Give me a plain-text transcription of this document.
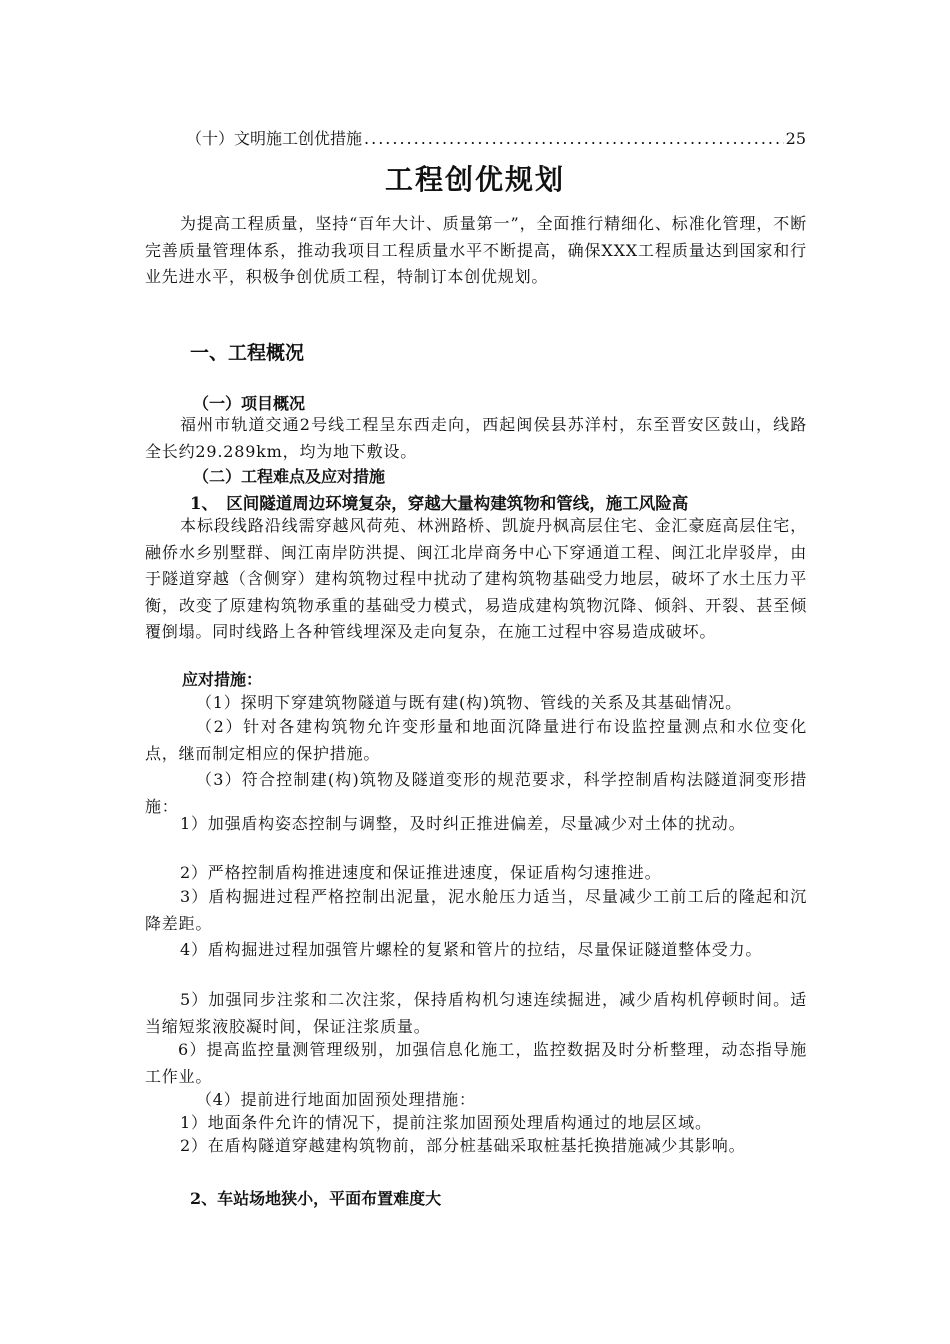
（十）文明施工创优措施
.....	25
工程创优规划
为提高工程质量，坚持“百年大计、质量第一”，全面推行精细化、标准化管理，不断完善质量管理体系，推动我项目工程质量水平不断提高，确保XXX工程质量达到国家和行业先进水平，积极争创优质工程，特制订本创优规划。
一、工程概况
（一）项目概况
福州市轨道交通2号线工程呈东西走向，西起闽侯县苏洋村，东至晋安区鼓山，线路全长约29.289km，均为地下敷设。
（二）工程难点及应对措施
1、　区间隧道周边环境复杂，穿越大量构建筑物和管线，施工风险高
本标段线路沿线需穿越风荷苑、林洲路桥、凯旋丹枫高层住宅、金汇豪庭高层住宅，融侨水乡别墅群、闽江南岸防洪提、闽江北岸商务中心下穿通道工程、闽江北岸驳岸，由于隧道穿越（含侧穿）建构筑物过程中扰动了建构筑物基础受力地层，破坏了水土压力平衡，改变了原建构筑物承重的基础受力模式，易造成建构筑物沉降、倾斜、开裂、甚至倾覆倒塌。同时线路上各种管线埋深及走向复杂，在施工过程中容易造成破坏。
应对措施：
（1）探明下穿建筑物隧道与既有建(构)筑物、管线的关系及其基础情况。
（2）针对各建构筑物允许变形量和地面沉降量进行布设监控量测点和水位变化点，继而制定相应的保护措施。
（3）符合控制建(构)筑物及隧道变形的规范要求，科学控制盾构法隧道洞变形措施：
1）加强盾构姿态控制与调整，及时纠正推进偏差，尽量减少对土体的扰动。
2）严格控制盾构推进速度和保证推进速度，保证盾构匀速推进。
3）盾构掘进过程严格控制出泥量，泥水舱压力适当，尽量减少工前工后的隆起和沉降差距。
4）盾构掘进过程加强管片螺栓的复紧和管片的拉结，尽量保证隧道整体受力。
5）加强同步注浆和二次注浆，保持盾构机匀速连续掘进，减少盾构机停顿时间。适当缩短浆液胶凝时间，保证注浆质量。
6）提高监控量测管理级别，加强信息化施工，监控数据及时分析整理，动态指导施工作业。
（4）提前进行地面加固预处理措施：
1）地面条件允许的情况下，提前注浆加固预处理盾构通过的地层区域。
2）在盾构隧道穿越建构筑物前，部分桩基础采取桩基托换措施减少其影响。
2、车站场地狭小，平面布置难度大
